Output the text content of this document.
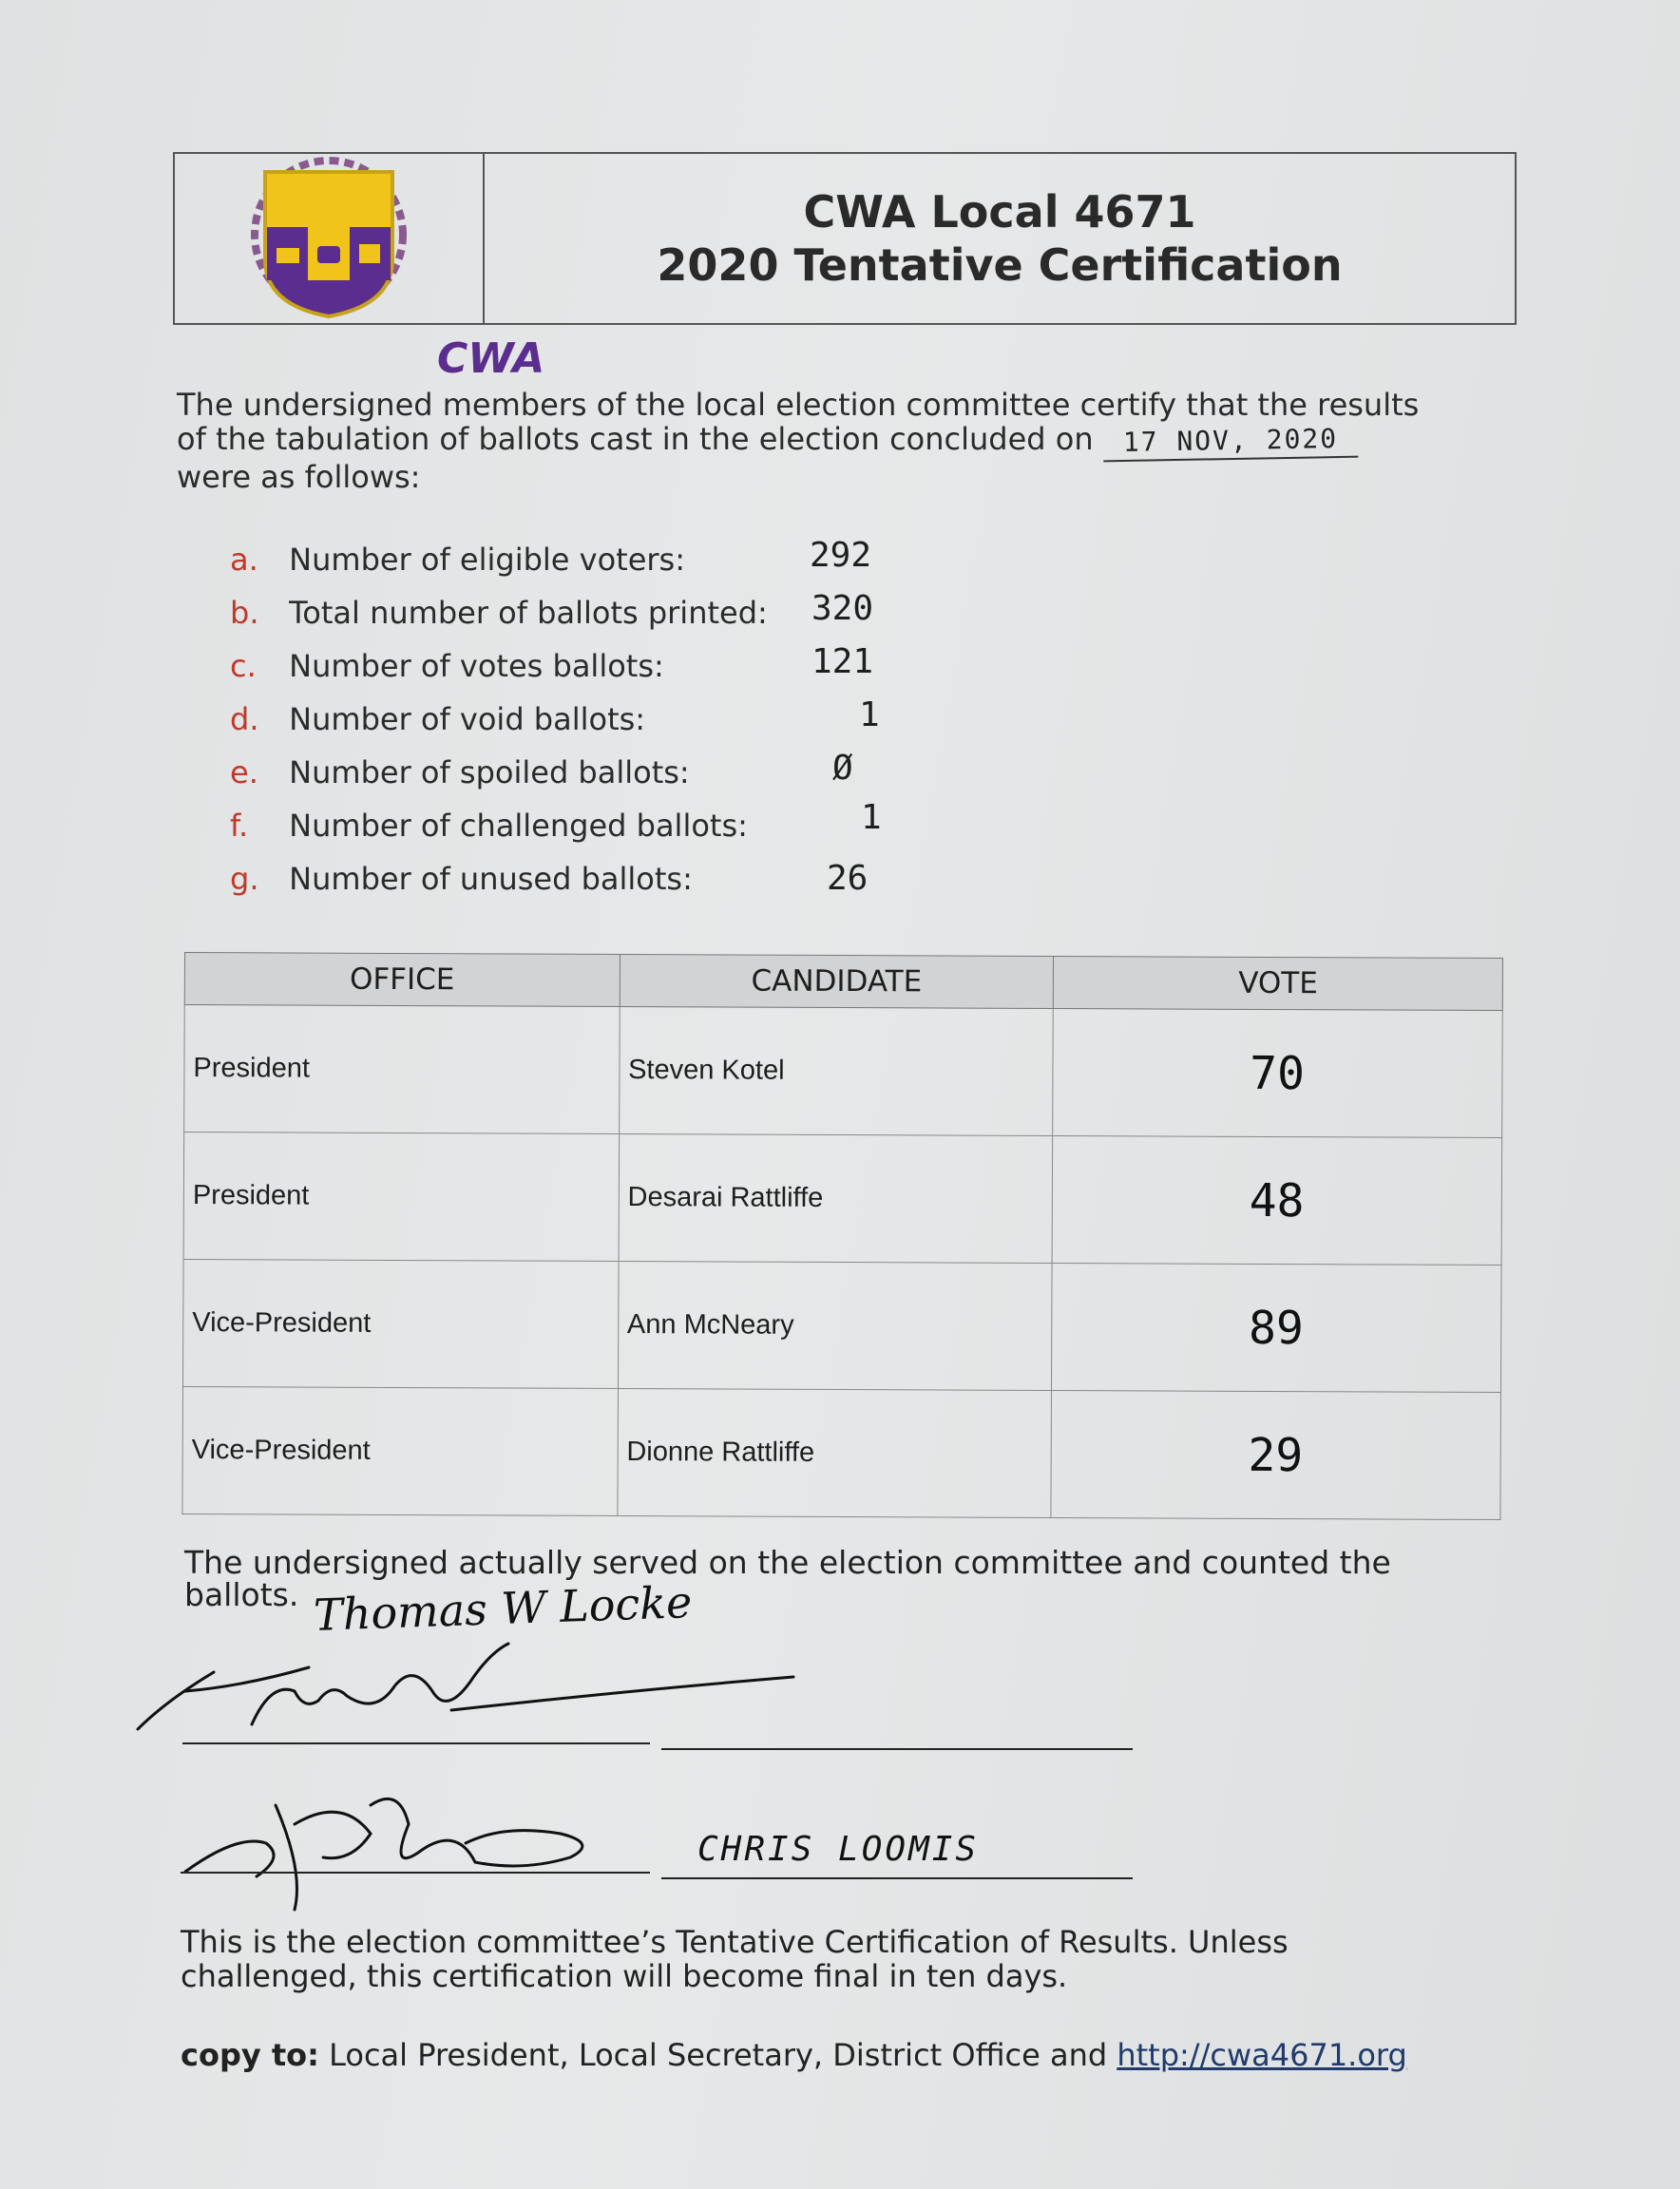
CWA
CWA Local 4671
2020 Tentative Certification
The undersigned members of the local election committee certify that the results
of the tabulation of ballots cast in the election concluded on 17 NOV, 2020
were as follows:
a. Number of eligible voters:	292
b. Total number of ballots printed: 320
c. Number of votes ballots:	121
d. Number of void ballots:	1
e. Number of spoiled ballots:	Ø
f. Number of challenged ballots:	1
g. Number of unused ballots:	26
OFFICE	CANDIDATE	VOTE
President	Steven Kotel	70
President	Desarai Rattliffe	48
Vice-President	Ann McNeary	89
Vice-President	Dionne Rattliffe	29
The undersigned actually served on the election committee and counted the
ballots. Thomas W Locke
CHRIS LOOMIS
This is the election committee’s Tentative Certification of Results. Unless
challenged, this certification will become final in ten days.
copy to: Local President, Local Secretary, District Office and http://cwa4671.org
